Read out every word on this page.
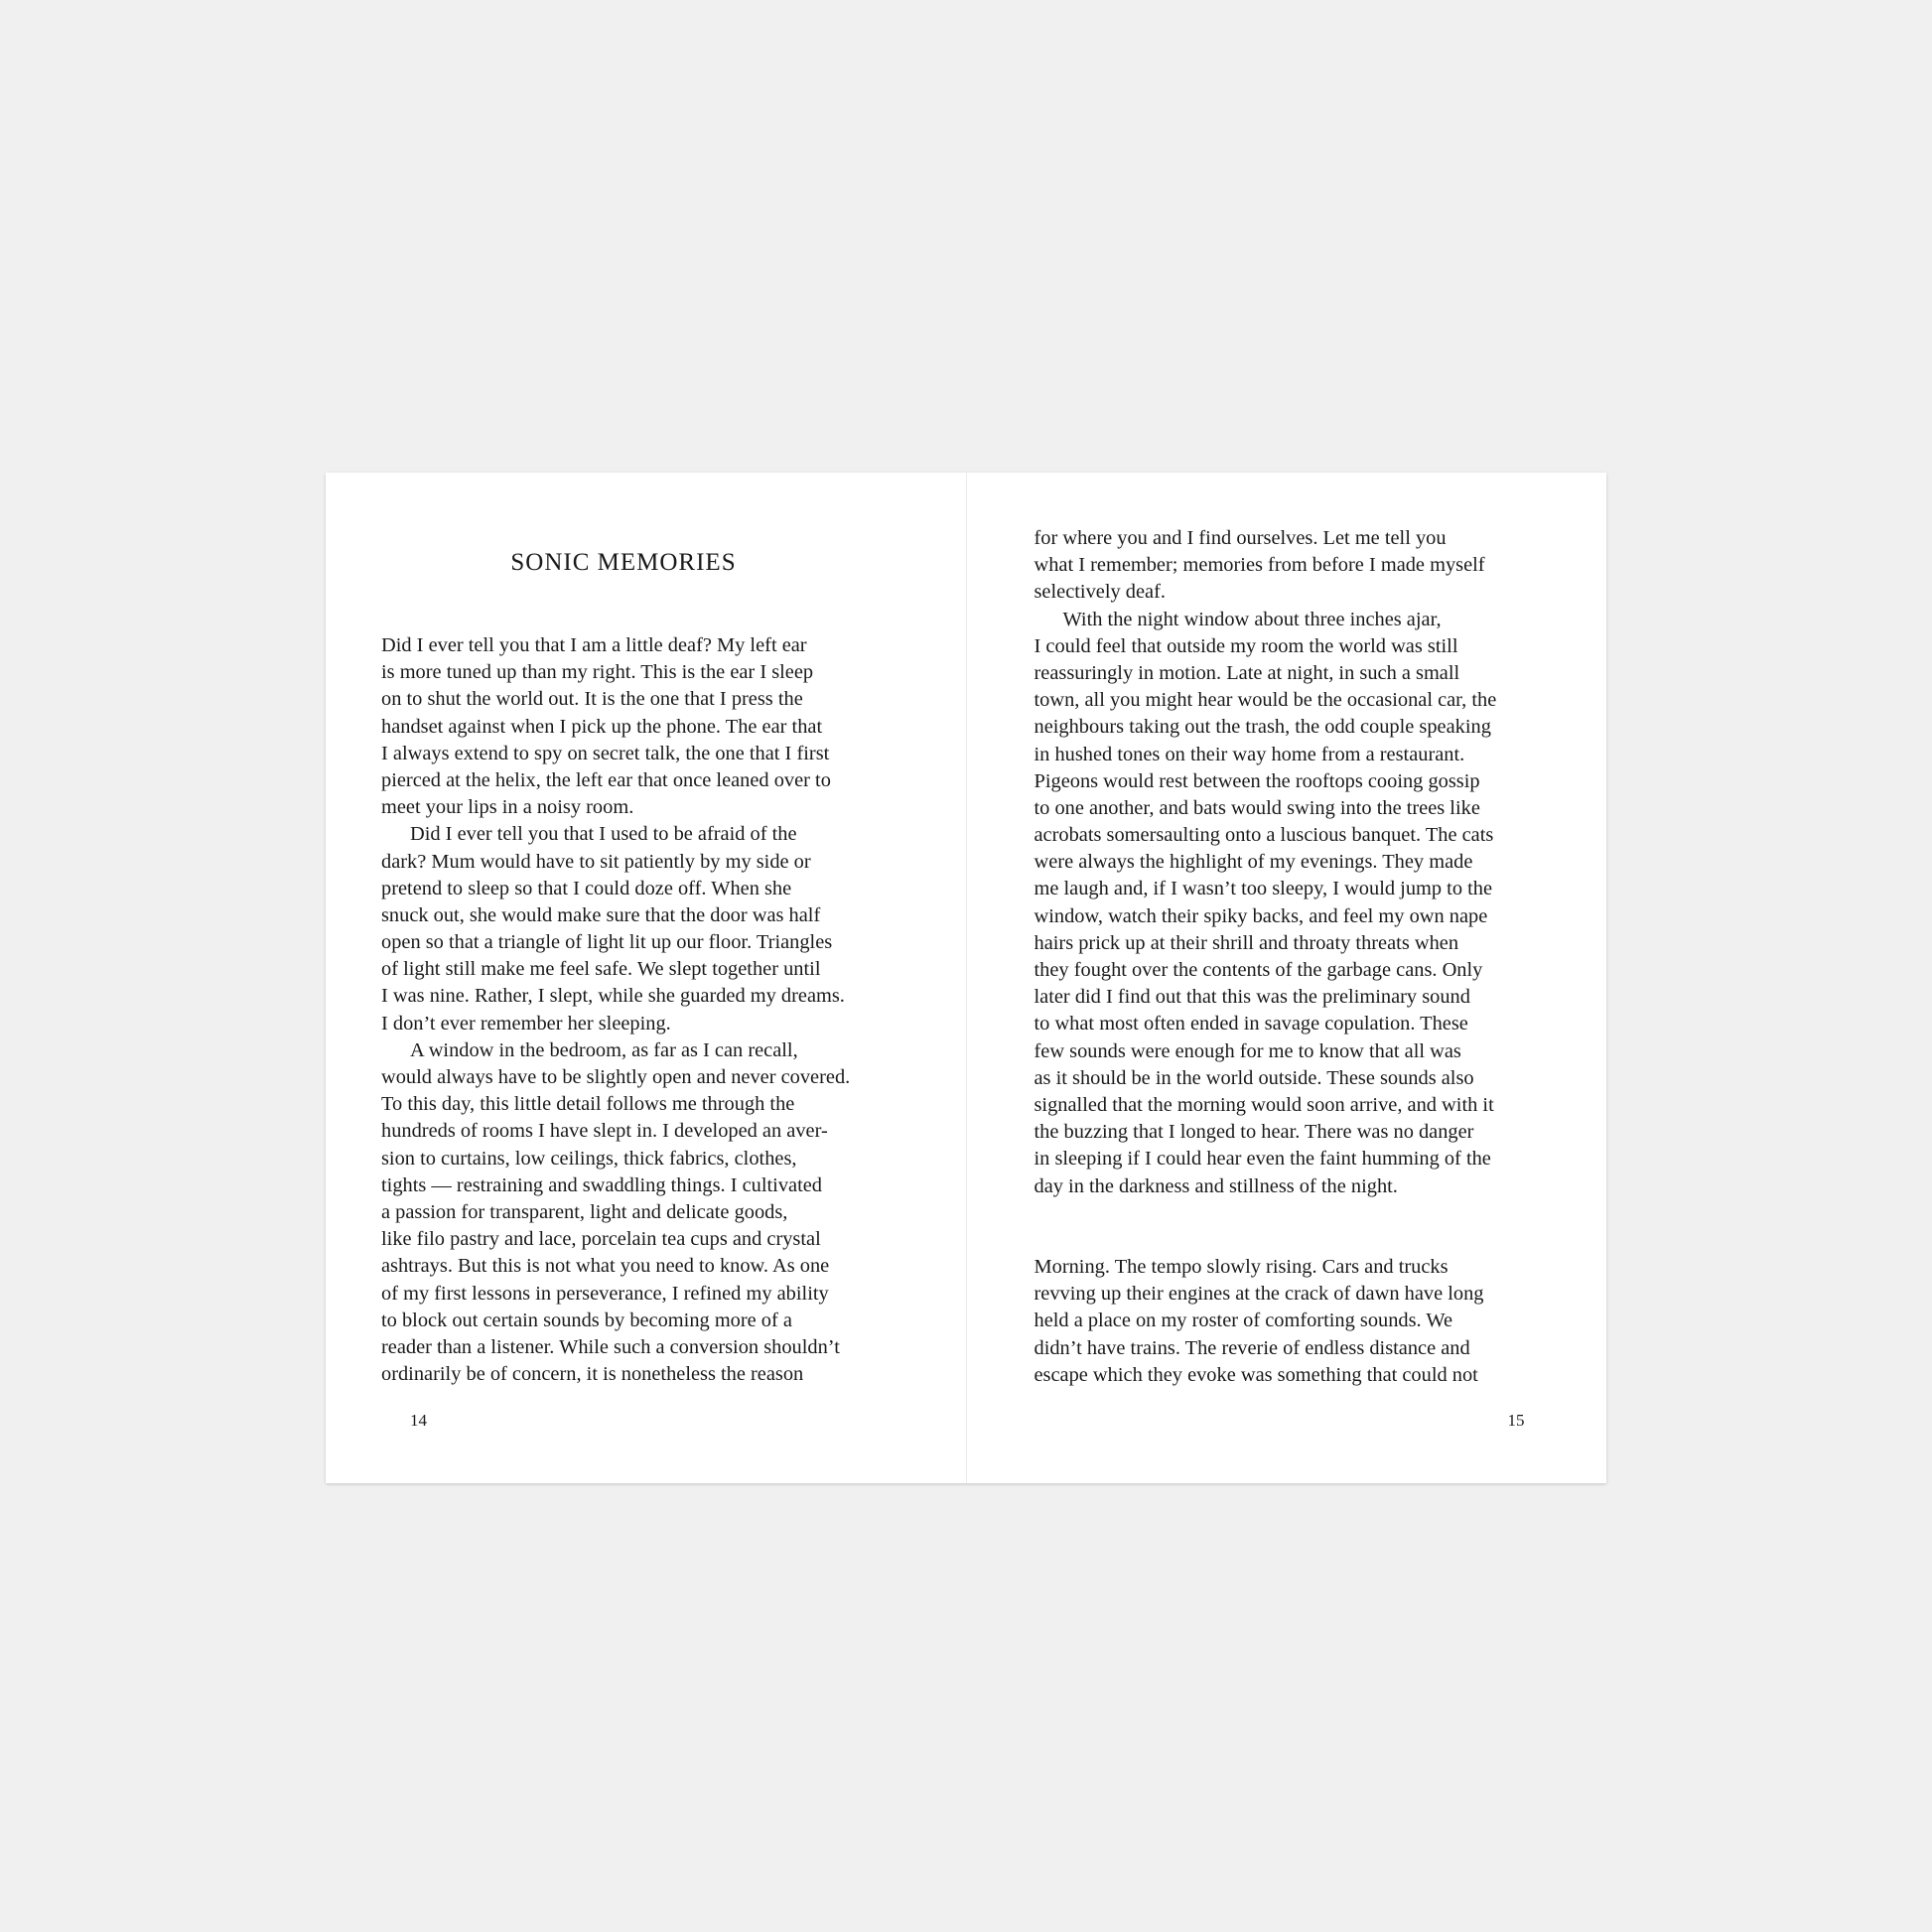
SONIC MEMORIES
Did I ever tell you that I am a little deaf? My left ear
is more tuned up than my right. This is the ear I sleep
on to shut the world out. It is the one that I press the
handset against when I pick up the phone. The ear that
I always extend to spy on secret talk, the one that I first
pierced at the helix, the left ear that once leaned over to
meet your lips in a noisy room.
Did I ever tell you that I used to be afraid of the
dark? Mum would have to sit patiently by my side or
pretend to sleep so that I could doze off. When she
snuck out, she would make sure that the door was half
open so that a triangle of light lit up our floor. Triangles
of light still make me feel safe. We slept together until
I was nine. Rather, I slept, while she guarded my dreams.
I don’t ever remember her sleeping.
A window in the bedroom, as far as I can recall,
would always have to be slightly open and never covered.
To this day, this little detail follows me through the
hundreds of rooms I have slept in. I developed an aver-
sion to curtains, low ceilings, thick fabrics, clothes,
tights — restraining and swaddling things. I cultivated
a passion for transparent, light and delicate goods,
like filo pastry and lace, porcelain tea cups and crystal
ashtrays. But this is not what you need to know. As one
of my first lessons in perseverance, I refined my ability
to block out certain sounds by becoming more of a
reader than a listener. While such a conversion shouldn’t
ordinarily be of concern, it is nonetheless the reason
14
for where you and I find ourselves. Let me tell you
what I remember; memories from before I made myself
selectively deaf.
With the night window about three inches ajar,
I could feel that outside my room the world was still
reassuringly in motion. Late at night, in such a small
town, all you might hear would be the occasional car, the
neighbours taking out the trash, the odd couple speaking
in hushed tones on their way home from a restaurant.
Pigeons would rest between the rooftops cooing gossip
to one another, and bats would swing into the trees like
acrobats somersaulting onto a luscious banquet. The cats
were always the highlight of my evenings. They made
me laugh and, if I wasn’t too sleepy, I would jump to the
window, watch their spiky backs, and feel my own nape
hairs prick up at their shrill and throaty threats when
they fought over the contents of the garbage cans. Only
later did I find out that this was the preliminary sound
to what most often ended in savage copulation. These
few sounds were enough for me to know that all was
as it should be in the world outside. These sounds also
signalled that the morning would soon arrive, and with it
the buzzing that I longed to hear. There was no danger
in sleeping if I could hear even the faint humming of the
day in the darkness and stillness of the night.
Morning. The tempo slowly rising. Cars and trucks
revving up their engines at the crack of dawn have long
held a place on my roster of comforting sounds. We
didn’t have trains. The reverie of endless distance and
escape which they evoke was something that could not
15
